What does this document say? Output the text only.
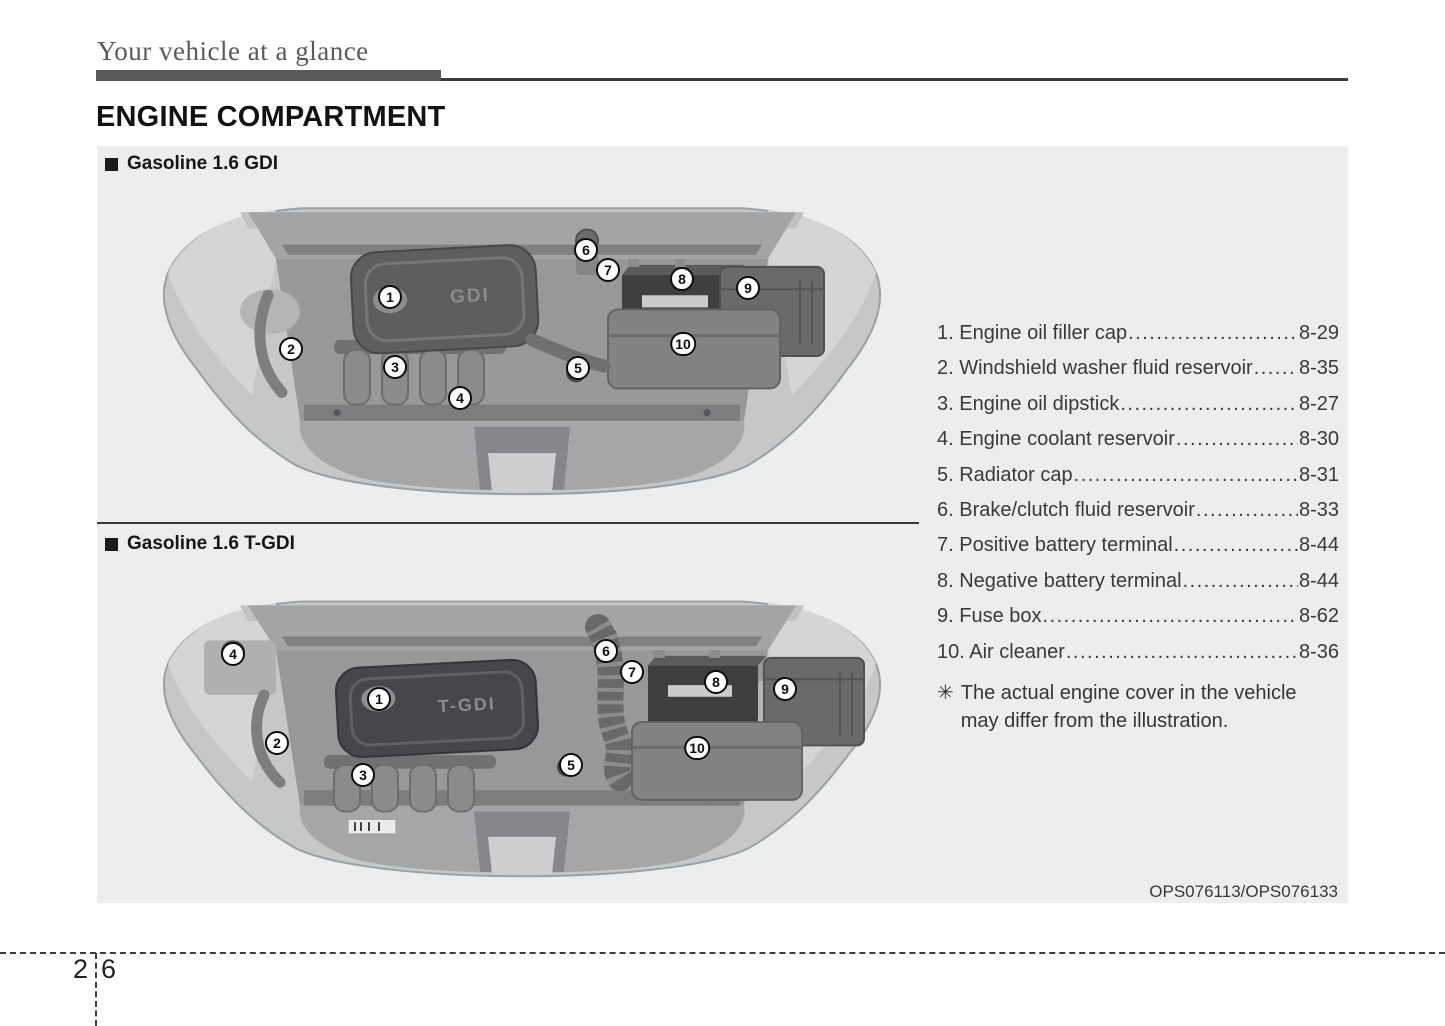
Your vehicle at a glance
ENGINE COMPARTMENT
Gasoline 1.6 GDI
GDI
1
2
3
4
5
6
7
8
9
10
Gasoline 1.6 T-GDI
T-GDI
1
2
3
4
5
6
7
8	9
10
1. Engine oil filler cap .....	8-29
2. Windshield washer fluid reservoir ..... 8-35
3. Engine oil dipstick .....	8-27
4. Engine coolant reservoir .....	8-30
5. Radiator cap .....	8-31
6. Brake/clutch fluid reservoir .....	8-33
7. Positive battery terminal .....	8-44
8. Negative battery terminal .....	8-44
9. Fuse box .....	8-62
10. Air cleaner .....	8-36
✳ The actual engine cover in the vehicle may differ from the illustration.
OPS076113/OPS076133
2 6
